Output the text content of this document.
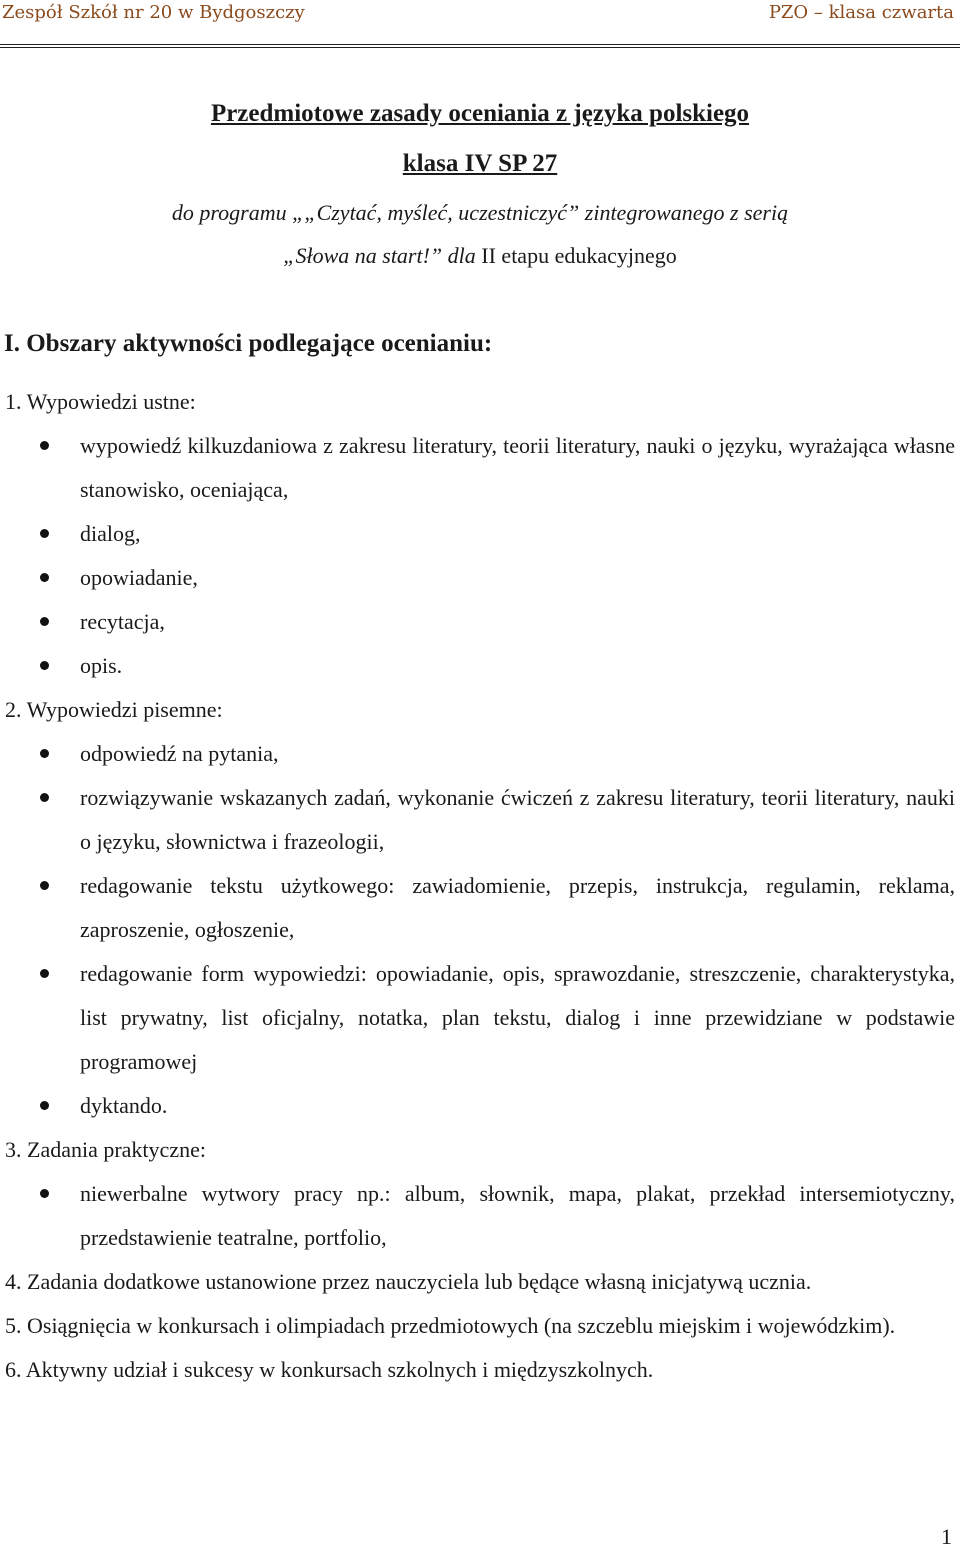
Zespół Szkół nr 20 w Bydgoszczy	PZO – klasa czwarta
Przedmiotowe zasady oceniania z języka polskiego
klasa IV SP 27
do programu „„Czytać, myśleć, uczestniczyć” zintegrowanego z serią
„Słowa na start!” dla II etapu edukacyjnego
I. Obszary aktywności podlegające ocenianiu:

1. Wypowiedzi ustne:

wypowiedź kilkuzdaniowa z zakresu literatury, teorii literatury, nauki o języku, wyrażająca własne stanowisko, oceniająca,
dialog,
opowiadanie,
recytacja,
opis.

2. Wypowiedzi pisemne:

odpowiedź na pytania,
rozwiązywanie wskazanych zadań, wykonanie ćwiczeń z zakresu literatury, teorii literatury, nauki o języku, słownictwa i frazeologii,
redagowanie tekstu użytkowego: zawiadomienie, przepis, instrukcja, regulamin, reklama, zaproszenie, ogłoszenie,
redagowanie form wypowiedzi: opowiadanie, opis, sprawozdanie, streszczenie, charakterystyka, list prywatny, list oficjalny, notatka, plan tekstu, dialog i inne przewidziane w podstawie programowej
dyktando.

3. Zadania praktyczne:

niewerbalne wytwory pracy np.: album, słownik, mapa, plakat, przekład intersemiotyczny, przedstawienie teatralne, portfolio,

4. Zadania dodatkowe ustanowione przez nauczyciela lub będące własną inicjatywą ucznia.

5. Osiągnięcia w konkursach i olimpiadach przedmiotowych (na szczeblu miejskim i wojewódzkim).

6. Aktywny udział i sukcesy w konkursach szkolnych i międzyszkolnych.

1
